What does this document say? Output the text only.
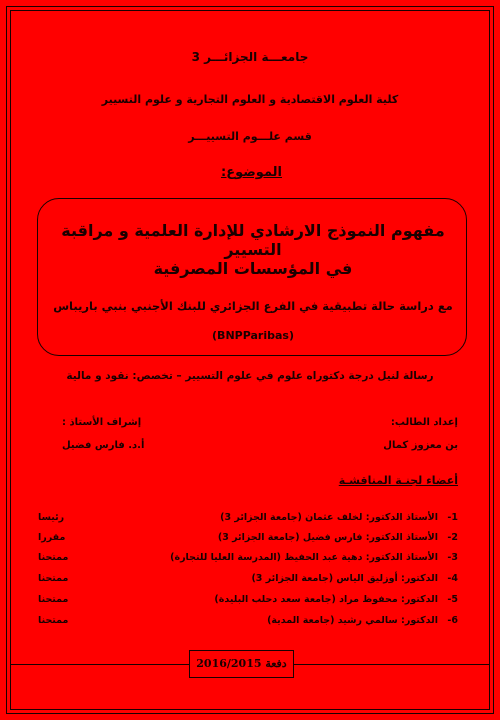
جامعـــة الجزائـــر 3
كلية العلوم الاقتصادية و العلوم التجارية و علوم التسيير
قسم علـــوم التسييـــر
الموضوع:
مفهوم النموذج الارشادي للإدارة العلمية و مراقبة التسيير
في المؤسسات المصرفية
مع دراسة حالة تطبيقية في الفرع الجزائري للبنك الأجنبي بنبي باريباس
(BNPParibas)
رسالة لنيل درجة دكتوراه علوم في علوم التسيير – تخصص: نقود و مالية
إعداد الطالب:
بن معزوز كمال
إشراف الأستاذ :
أ.د. فارس فضيل
أعضاء لجنـة المناقشـة
1-
الأستاذ الدكتور: لخلف عثمان (جامعة الجزائر 3)
رئيسا
2-
الأستاذ الدكتور: فارس فضيل (جامعة الجزائر 3)
مقررا
3-
الأستاذ الدكتور: دهية عبد الحفيظ (المدرسة العليا للتجارة)
ممتحنا
4-
الدكتور: أوزليق الياس (جامعة الجزائر 3)
ممتحنا
5-
الدكتور: محفوظ مراد (جامعة سعد دحلب البليدة)
ممتحنا
6-
الدكتور: سالمي رشيد (جامعة المدية)
ممتحنا
دفعة 2016/2015
